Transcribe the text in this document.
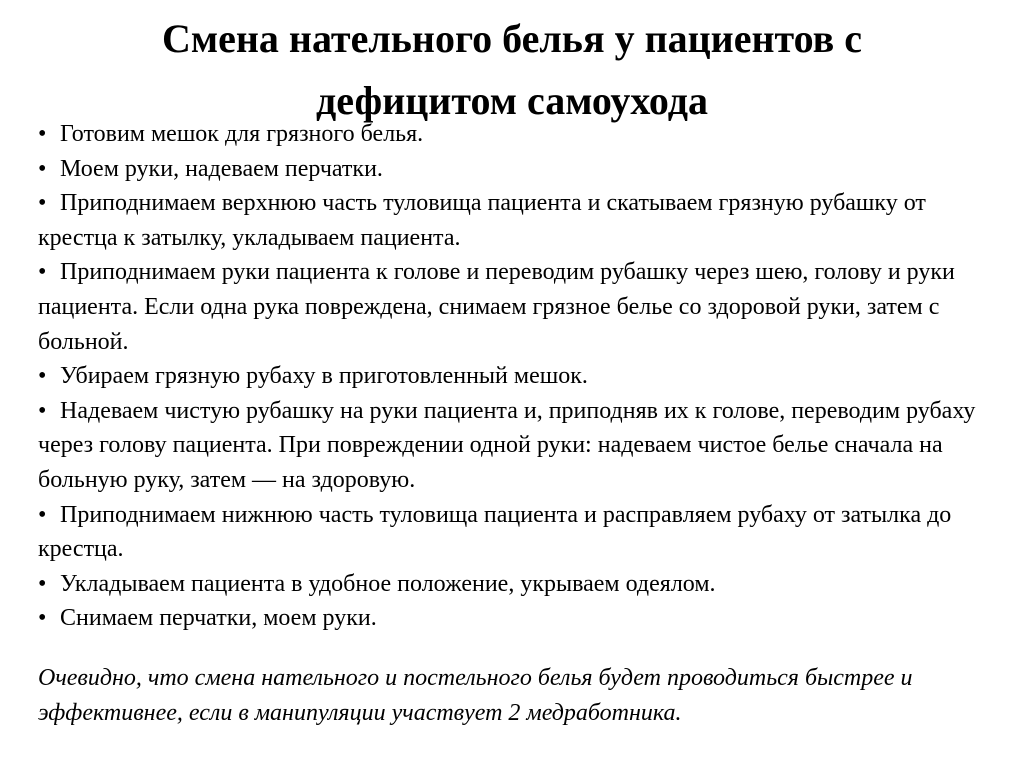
Смена нательного белья у пациентов с дефицитом самоухода
• Готовим мешок для грязного белья.
• Моем руки, надеваем перчатки.
• Приподнимаем верхнюю часть туловища пациента и скатываем грязную рубашку от крестца к затылку, укладываем пациента.
• Приподнимаем руки пациента к голове и переводим рубашку через шею, голову и руки пациента. Если одна рука повреждена, снимаем грязное белье со здоровой руки, затем с больной.
• Убираем грязную рубаху в приготовленный мешок.
• Надеваем чистую рубашку на руки пациента и, приподняв их к голове, переводим рубаху через голову пациента. При повреждении одной руки: надеваем чистое белье сначала на больную руку, затем — на здоровую.
• Приподнимаем нижнюю часть туловища пациента и расправляем рубаху от затылка до крестца.
• Укладываем пациента в удобное положение, укрываем одеялом.
• Снимаем перчатки, моем руки.

Очевидно, что смена нательного и постельного белья будет проводиться быстрее и эффективнее, если в манипуляции участвует 2 медработника.
